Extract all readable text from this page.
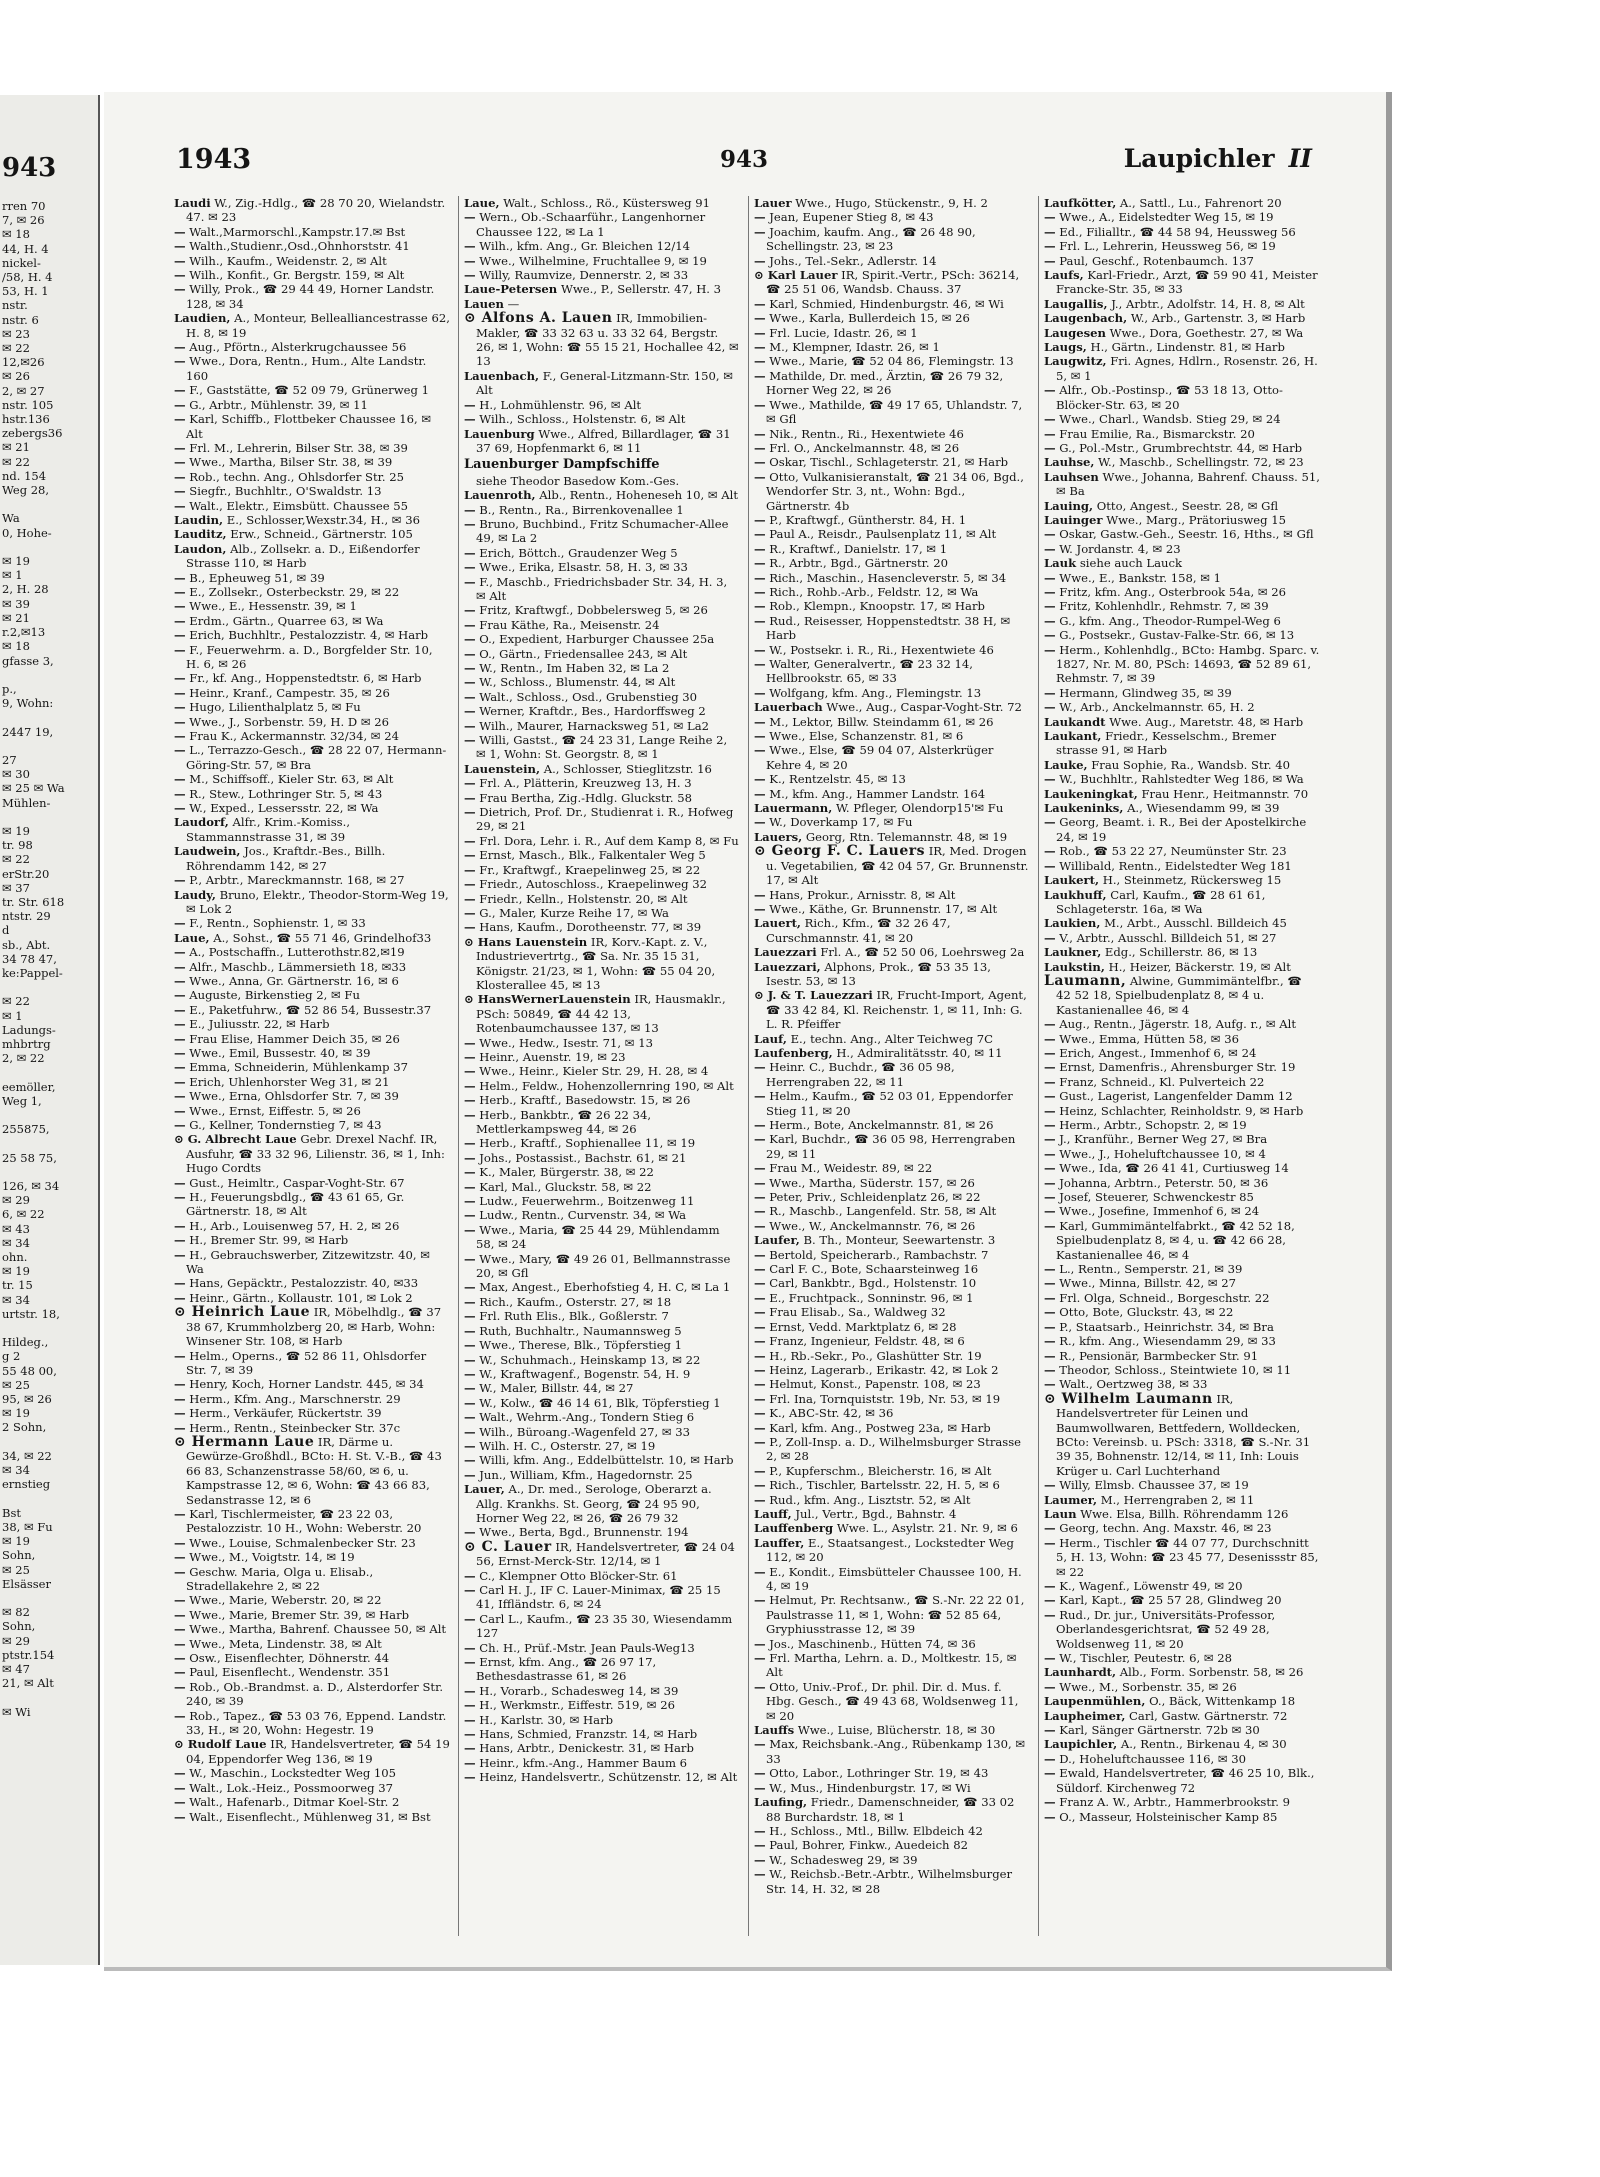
943
rren 70
7, ✉ 26
✉ 18
44, H. 4
nickel-
/58, H. 4
53, H. 1
nstr.
nstr. 6
✉ 23
✉ 22
12,✉26
✉ 26
2, ✉ 27
nstr. 105
hstr.136
zebergs36
✉ 21
✉ 22
nd. 154
Weg 28,

Wa
0, Hohe-

✉ 19
✉ 1
2, H. 28
✉ 39
✉ 21
r.2,✉13
✉ 18
gfasse 3,

p.,
9, Wohn:

2447 19,

27
✉ 30
✉ 25 ✉ Wa
Mühlen-

✉ 19
tr. 98
✉ 22
erStr.20
✉ 37
tr. Str. 618
ntstr. 29
d
sb., Abt.
34 78 47,
ke:Pappel-

✉ 22
✉ 1
Ladungs-
mhbrtrg
2, ✉ 22

eemöller,
Weg 1,

255875,

25 58 75,

126, ✉ 34
✉ 29
6, ✉ 22
✉ 43
✉ 34
ohn.
✉ 19
tr. 15
✉ 34
urtstr. 18,

Hildeg.,
g 2
55 48 00,
✉ 25
95, ✉ 26
✉ 19
2 Sohn,

34, ✉ 22
✉ 34
ernstieg

Bst
38, ✉ Fu
✉ 19
Sohn,
✉ 25
Elsässer

✉ 82
Sohn,
✉ 29
ptstr.154
✉ 47
21, ✉ Alt

✉ Wi
1943	943	Laupichler II

Laudi W., Zig.-Hdlg., ☎ 28 70 20, Wielandstr. 47. ✉ 23

— Walt.,Marmorschl.,Kampstr.17.✉ Bst

— Walth.,Studienr.,Osd.,Ohnhorststr. 41

— Wilh., Kaufm., Weidenstr. 2, ✉ Alt

— Wilh., Konfit., Gr. Bergstr. 159, ✉ Alt

— Willy, Prok., ☎ 29 44 49, Horner Landstr. 128, ✉ 34

Laudien, A., Monteur, Bellealliancestrasse 62, H. 8, ✉ 19

— Aug., Pförtn., Alsterkrugchaussee 56

— Wwe., Dora, Rentn., Hum., Alte Landstr. 160

— F., Gaststätte, ☎ 52 09 79, Grünerweg 1

— G., Arbtr., Mühlenstr. 39, ✉ 11

— Karl, Schiffb., Flottbeker Chaussee 16, ✉ Alt

— Frl. M., Lehrerin, Bilser Str. 38, ✉ 39

— Wwe., Martha, Bilser Str. 38, ✉ 39

— Rob., techn. Ang., Ohlsdorfer Str. 25

— Siegfr., Buchhltr., O'Swaldstr. 13

— Walt., Elektr., Eimsbütt. Chaussee 55

Laudin, E., Schlosser,Wexstr.34, H., ✉ 36

Lauditz, Erw., Schneid., Gärtnerstr. 105

Laudon, Alb., Zollsekr. a. D., Eißendorfer Strasse 110, ✉ Harb

— B., Epheuweg 51, ✉ 39

— E., Zollsekr., Osterbeckstr. 29, ✉ 22

— Wwe., E., Hessenstr. 39, ✉ 1

— Erdm., Gärtn., Quarree 63, ✉ Wa

— Erich, Buchhltr., Pestalozzistr. 4, ✉ Harb

— F., Feuerwehrm. a. D., Borgfelder Str. 10, H. 6, ✉ 26

— Fr., kf. Ang., Hoppenstedtstr. 6, ✉ Harb

— Heinr., Kranf., Campestr. 35, ✉ 26

— Hugo, Lilienthalplatz 5, ✉ Fu

— Wwe., J., Sorbenstr. 59, H. D ✉ 26

— Frau K., Ackermannstr. 32/34, ✉ 24

— L., Terrazzo-Gesch., ☎ 28 22 07, Hermann-Göring-Str. 57, ✉ Bra

— M., Schiffsoff., Kieler Str. 63, ✉ Alt

— R., Stew., Lothringer Str. 5, ✉ 43

— W., Exped., Lessersstr. 22, ✉ Wa

Laudorf, Alfr., Krim.-Komiss., Stammannstrasse 31, ✉ 39

Laudwein, Jos., Kraftdr.-Bes., Billh. Röhrendamm 142, ✉ 27

— P., Arbtr., Mareckmannstr. 168, ✉ 27

Laudy, Bruno, Elektr., Theodor-Storm-Weg 19, ✉ Lok 2

— F., Rentn., Sophienstr. 1, ✉ 33

Laue, A., Sohst., ☎ 55 71 46, Grindelhof33

— A., Postschaffn., Lutterothstr.82,✉19

— Alfr., Maschb., Lämmersieth 18, ✉33

— Wwe., Anna, Gr. Gärtnerstr. 16, ✉ 6

— Auguste, Birkenstieg 2, ✉ Fu

— E., Paketfuhrw., ☎ 52 86 54, Bussestr.37

— E., Juliusstr. 22, ✉ Harb

— Frau Elise, Hammer Deich 35, ✉ 26

— Wwe., Emil, Bussestr. 40, ✉ 39

— Emma, Schneiderin, Mühlenkamp 37

— Erich, Uhlenhorster Weg 31, ✉ 21

— Wwe., Erna, Ohlsdorfer Str. 7, ✉ 39

— Wwe., Ernst, Eiffestr. 5, ✉ 26

— G., Kellner, Tondernstieg 7, ✉ 43

⊙ G. Albrecht Laue Gebr. Drexel Nachf. IR, Ausfuhr, ☎ 33 32 96, Lilienstr. 36, ✉ 1, Inh: Hugo Cordts

— Gust., Heimltr., Caspar-Voght-Str. 67

— H., Feuerungsbdlg., ☎ 43 61 65, Gr. Gärtnerstr. 18, ✉ Alt

— H., Arb., Louisenweg 57, H. 2, ✉ 26

— H., Bremer Str. 99, ✉ Harb

— H., Gebrauchswerber, Zitzewitzstr. 40, ✉ Wa

— Hans, Gepäcktr., Pestalozzistr. 40, ✉33

— Heinr., Gärtn., Kollaustr. 101, ✉ Lok 2

⊙ Heinrich Laue IR, Möbelhdlg., ☎ 37 38 67, Krummholzberg 20, ✉ Harb, Wohn: Winsener Str. 108, ✉ Harb

— Helm., Operns., ☎ 52 86 11, Ohlsdorfer Str. 7, ✉ 39

— Henry, Koch, Horner Landstr. 445, ✉ 34

— Herm., Kfm. Ang., Marschnerstr. 29

— Herm., Verkäufer, Rückertstr. 39

— Herm., Rentn., Steinbecker Str. 37c

⊙ Hermann Laue IR, Därme u. Gewürze-Großhdl., BCto: H. St. V.-B., ☎ 43 66 83, Schanzenstrasse 58/60, ✉ 6, u. Kampstrasse 12, ✉ 6, Wohn: ☎ 43 66 83, Sedanstrasse 12, ✉ 6

— Karl, Tischlermeister, ☎ 23 22 03, Pestalozzistr. 10 H., Wohn: Weberstr. 20

— Wwe., Louise, Schmalenbecker Str. 23

— Wwe., M., Voigtstr. 14, ✉ 19

— Geschw. Maria, Olga u. Elisab., Stradellakehre 2, ✉ 22

— Wwe., Marie, Weberstr. 20, ✉ 22

— Wwe., Marie, Bremer Str. 39, ✉ Harb

— Wwe., Martha, Bahrenf. Chaussee 50, ✉ Alt

— Wwe., Meta, Lindenstr. 38, ✉ Alt

— Osw., Eisenflechter, Döhnerstr. 44

— Paul, Eisenflecht., Wendenstr. 351

— Rob., Ob.-Brandmst. a. D., Alsterdorfer Str. 240, ✉ 39

— Rob., Tapez., ☎ 53 03 76, Eppend. Landstr. 33, H., ✉ 20, Wohn: Hegestr. 19

⊙ Rudolf Laue IR, Handelsvertreter, ☎ 54 19 04, Eppendorfer Weg 136, ✉ 19

— W., Maschin., Lockstedter Weg 105

— Walt., Lok.-Heiz., Possmoorweg 37

— Walt., Hafenarb., Ditmar Koel-Str. 2

— Walt., Eisenflecht., Mühlenweg 31, ✉ Bst

Laue, Walt., Schloss., Rö., Küstersweg 91

— Wern., Ob.-Schaarführ., Langenhorner Chaussee 122, ✉ La 1

— Wilh., kfm. Ang., Gr. Bleichen 12/14

— Wwe., Wilhelmine, Fruchtallee 9, ✉ 19

— Willy, Raumvize, Dennerstr. 2, ✉ 33

Laue-Petersen Wwe., P., Sellerstr. 47, H. 3

Lauen —

⊙ Alfons A. Lauen IR, Immobilien-Makler, ☎ 33 32 63 u. 33 32 64, Bergstr. 26, ✉ 1, Wohn: ☎ 55 15 21, Hochallee 42, ✉ 13

Lauenbach, F., General-Litzmann-Str. 150, ✉ Alt

— H., Lohmühlenstr. 96, ✉ Alt

— Wilh., Schloss., Holstenstr. 6, ✉ Alt

Lauenburg Wwe., Alfred, Billardlager, ☎ 31 37 69, Hopfenmarkt 6, ✉ 11

Lauenburger Dampfschiffe
siehe Theodor Basedow Kom.-Ges.

Lauenroth, Alb., Rentn., Hoheneseh 10, ✉ Alt

— B., Rentn., Ra., Birrenkovenallee 1

— Bruno, Buchbind., Fritz Schumacher-Allee 49, ✉ La 2

— Erich, Böttch., Graudenzer Weg 5

— Wwe., Erika, Elsastr. 58, H. 3, ✉ 33

— F., Maschb., Friedrichsbader Str. 34, H. 3, ✉ Alt

— Fritz, Kraftwgf., Dobbelersweg 5, ✉ 26

— Frau Käthe, Ra., Meisenstr. 24

— O., Expedient, Harburger Chaussee 25a

— O., Gärtn., Friedensallee 243, ✉ Alt

— W., Rentn., Im Haben 32, ✉ La 2

— W., Schloss., Blumenstr. 44, ✉ Alt

— Walt., Schloss., Osd., Grubenstieg 30

— Werner, Kraftdr., Bes., Hardorffsweg 2

— Wilh., Maurer, Harnacksweg 51, ✉ La2

— Willi, Gastst., ☎ 24 23 31, Lange Reihe 2, ✉ 1, Wohn: St. Georgstr. 8, ✉ 1

Lauenstein, A., Schlosser, Stieglitzstr. 16

— Frl. A., Plätterin, Kreuzweg 13, H. 3

— Frau Bertha, Zig.-Hdlg. Gluckstr. 58

— Dietrich, Prof. Dr., Studienrat i. R., Hofweg 29, ✉ 21

— Frl. Dora, Lehr. i. R., Auf dem Kamp 8, ✉ Fu

— Ernst, Masch., Blk., Falkentaler Weg 5

— Fr., Kraftwgf., Kraepelinweg 25, ✉ 22

— Friedr., Autoschloss., Kraepelinweg 32

— Friedr., Kelln., Holstenstr. 20, ✉ Alt

— G., Maler, Kurze Reihe 17, ✉ Wa

— Hans, Kaufm., Dorotheenstr. 77, ✉ 39

⊙ Hans Lauenstein IR, Korv.-Kapt. z. V., Industrievertrtg., ☎ Sa. Nr. 35 15 31, Königstr. 21/23, ✉ 1, Wohn: ☎ 55 04 20, Klosterallee 45, ✉ 13

⊙ HansWernerLauenstein IR, Hausmaklr., PSch: 50849, ☎ 44 42 13, Rotenbaumchaussee 137, ✉ 13

— Wwe., Hedw., Isestr. 71, ✉ 13

— Heinr., Auenstr. 19, ✉ 23

— Wwe., Heinr., Kieler Str. 29, H. 28, ✉ 4

— Helm., Feldw., Hohenzollernring 190, ✉ Alt

— Herb., Kraftf., Basedowstr. 15, ✉ 26

— Herb., Bankbtr., ☎ 26 22 34, Mettlerkampsweg 44, ✉ 26

— Herb., Kraftf., Sophienallee 11, ✉ 19

— Johs., Postassist., Bachstr. 61, ✉ 21

— K., Maler, Bürgerstr. 38, ✉ 22

— Karl, Mal., Gluckstr. 58, ✉ 22

— Ludw., Feuerwehrm., Boitzenweg 11

— Ludw., Rentn., Curvenstr. 34, ✉ Wa

— Wwe., Maria, ☎ 25 44 29, Mühlendamm 58, ✉ 24

— Wwe., Mary, ☎ 49 26 01, Bellmannstrasse 20, ✉ Gfl

— Max, Angest., Eberhofstieg 4, H. C, ✉ La 1

— Rich., Kaufm., Osterstr. 27, ✉ 18

— Frl. Ruth Elis., Blk., Goßlerstr. 7

— Ruth, Buchhaltr., Naumannsweg 5

— Wwe., Therese, Blk., Töpferstieg 1

— W., Schuhmach., Heinskamp 13, ✉ 22

— W., Kraftwagenf., Bogenstr. 54, H. 9

— W., Maler, Billstr. 44, ✉ 27

— W., Kolw., ☎ 46 14 61, Blk, Töpferstieg 1

— Walt., Wehrm.-Ang., Tondern Stieg 6

— Wilh., Büroang.-Wagenfeld 27, ✉ 33

— Wilh. H. C., Osterstr. 27, ✉ 19

— Willi, kfm. Ang., Eddelbüttelstr. 10, ✉ Harb

— Jun., William, Kfm., Hagedornstr. 25

Lauer, A., Dr. med., Serologe, Oberarzt a. Allg. Krankhs. St. Georg, ☎ 24 95 90, Horner Weg 22, ✉ 26, ☎ 26 79 32

— Wwe., Berta, Bgd., Brunnenstr. 194

⊙ C. Lauer IR, Handelsvertreter, ☎ 24 04 56, Ernst-Merck-Str. 12/14, ✉ 1

— C., Klempner Otto Blöcker-Str. 61

— Carl H. J., IF C. Lauer-Minimax, ☎ 25 15 41, Iffländstr. 6, ✉ 24

— Carl L., Kaufm., ☎ 23 35 30, Wiesendamm 127

— Ch. H., Prüf.-Mstr. Jean Pauls-Weg13

— Ernst, kfm. Ang., ☎ 26 97 17, Bethesdastrasse 61, ✉ 26

— H., Vorarb., Schadesweg 14, ✉ 39

— H., Werkmstr., Eiffestr. 519, ✉ 26

— H., Karlstr. 30, ✉ Harb

— Hans, Schmied, Franzstr. 14, ✉ Harb

— Hans, Arbtr., Denickestr. 31, ✉ Harb

— Heinr., kfm.-Ang., Hammer Baum 6

— Heinz, Handelsvertr., Schützenstr. 12, ✉ Alt

Lauer Wwe., Hugo, Stückenstr., 9, H. 2

— Jean, Eupener Stieg 8, ✉ 43

— Joachim, kaufm. Ang., ☎ 26 48 90, Schellingstr. 23, ✉ 23

— Johs., Tel.-Sekr., Adlerstr. 14

⊙ Karl Lauer IR, Spirit.-Vertr., PSch: 36214, ☎ 25 51 06, Wandsb. Chauss. 37

— Karl, Schmied, Hindenburgstr. 46, ✉ Wi

— Wwe., Karla, Bullerdeich 15, ✉ 26

— Frl. Lucie, Idastr. 26, ✉ 1

— M., Klempner, Idastr. 26, ✉ 1

— Wwe., Marie, ☎ 52 04 86, Flemingstr. 13

— Mathilde, Dr. med., Ärztin, ☎ 26 79 32, Horner Weg 22, ✉ 26

— Wwe., Mathilde, ☎ 49 17 65, Uhlandstr. 7, ✉ Gfl

— Nik., Rentn., Ri., Hexentwiete 46

— Frl. O., Anckelmannstr. 48, ✉ 26

— Oskar, Tischl., Schlageterstr. 21, ✉ Harb

— Otto, Vulkanisieranstalt, ☎ 21 34 06, Bgd., Wendorfer Str. 3, nt., Wohn: Bgd., Gärtnerstr. 4b

— P., Kraftwgf., Güntherstr. 84, H. 1

— Paul A., Reisdr., Paulsenplatz 11, ✉ Alt

— R., Kraftwf., Danielstr. 17, ✉ 1

— R., Arbtr., Bgd., Gärtnerstr. 20

— Rich., Maschin., Hasencleverstr. 5, ✉ 34

— Rich., Rohb.-Arb., Feldstr. 12, ✉ Wa

— Rob., Klempn., Knoopstr. 17, ✉ Harb

— Rud., Reisesser, Hoppenstedtstr. 38 H, ✉ Harb

— W., Postsekr. i. R., Ri., Hexentwiete 46

— Walter, Generalvertr., ☎ 23 32 14, Hellbrookstr. 65, ✉ 33

— Wolfgang, kfm. Ang., Flemingstr. 13

Lauerbach Wwe., Aug., Caspar-Voght-Str. 72

— M., Lektor, Billw. Steindamm 61, ✉ 26

— Wwe., Else, Schanzenstr. 81, ✉ 6

— Wwe., Else, ☎ 59 04 07, Alsterkrüger Kehre 4, ✉ 20

— K., Rentzelstr. 45, ✉ 13

— M., kfm. Ang., Hammer Landstr. 164

Lauermann, W. Pfleger, Olendorp15'✉ Fu

— W., Doverkamp 17, ✉ Fu

Lauers, Georg, Rtn. Telemannstr. 48, ✉ 19

⊙ Georg F. C. Lauers IR, Med. Drogen u. Vegetabilien, ☎ 42 04 57, Gr. Brunnenstr. 17, ✉ Alt

— Hans, Prokur., Arnisstr. 8, ✉ Alt

— Wwe., Käthe, Gr. Brunnenstr. 17, ✉ Alt

Lauert, Rich., Kfm., ☎ 32 26 47, Curschmannstr. 41, ✉ 20

Lauezzari Frl. A., ☎ 52 50 06, Loehrsweg 2a

Lauezzari, Alphons, Prok., ☎ 53 35 13, Isestr. 53, ✉ 13

⊙ J. & T. Lauezzari IR, Frucht-Import, Agent, ☎ 33 42 84, Kl. Reichenstr. 1, ✉ 11, Inh: G. L. R. Pfeiffer

Lauf, E., techn. Ang., Alter Teichweg 7C

Laufenberg, H., Admiralitätsstr. 40, ✉ 11

— Heinr. C., Buchdr., ☎ 36 05 98, Herrengraben 22, ✉ 11

— Helm., Kaufm., ☎ 52 03 01, Eppendorfer Stieg 11, ✉ 20

— Herm., Bote, Anckelmannstr. 81, ✉ 26

— Karl, Buchdr., ☎ 36 05 98, Herrengraben 29, ✉ 11

— Frau M., Weidestr. 89, ✉ 22

— Wwe., Martha, Süderstr. 157, ✉ 26

— Peter, Priv., Schleidenplatz 26, ✉ 22

— R., Maschb., Langenfeld. Str. 58, ✉ Alt

— Wwe., W., Anckelmannstr. 76, ✉ 26

Laufer, B. Th., Monteur, Seewartenstr. 3

— Bertold, Speicherarb., Rambachstr. 7

— Carl F. C., Bote, Schaarsteinweg 16

— Carl, Bankbtr., Bgd., Holstenstr. 10

— E., Fruchtpack., Sonninstr. 96, ✉ 1

— Frau Elisab., Sa., Waldweg 32

— Ernst, Vedd. Marktplatz 6, ✉ 28

— Franz, Ingenieur, Feldstr. 48, ✉ 6

— H., Rb.-Sekr., Po., Glashütter Str. 19

— Heinz, Lagerarb., Erikastr. 42, ✉ Lok 2

— Helmut, Konst., Papenstr. 108, ✉ 23

— Frl. Ina, Tornquiststr. 19b, Nr. 53, ✉ 19

— K., ABC-Str. 42, ✉ 36

— Karl, kfm. Ang., Postweg 23a, ✉ Harb

— P., Zoll-Insp. a. D., Wilhelmsburger Strasse 2, ✉ 28

— P., Kupferschm., Bleicherstr. 16, ✉ Alt

— Rich., Tischler, Bartelsstr. 22, H. 5, ✉ 6

— Rud., kfm. Ang., Lisztstr. 52, ✉ Alt

Lauff, Jul., Vertr., Bgd., Bahnstr. 4

Lauffenberg Wwe. L., Asylstr. 21. Nr. 9, ✉ 6

Lauffer, E., Staatsangest., Lockstedter Weg 112, ✉ 20

— E., Kondit., Eimsbütteler Chaussee 100, H. 4, ✉ 19

— Helmut, Pr. Rechtsanw., ☎ S.-Nr. 22 22 01, Paulstrasse 11, ✉ 1, Wohn: ☎ 52 85 64, Gryphiusstrasse 12, ✉ 39

— Jos., Maschinenb., Hütten 74, ✉ 36

— Frl. Martha, Lehrn. a. D., Moltkestr. 15, ✉ Alt

— Otto, Univ.-Prof., Dr. phil. Dir. d. Mus. f. Hbg. Gesch., ☎ 49 43 68, Woldsenweg 11, ✉ 20

Lauffs Wwe., Luise, Blücherstr. 18, ✉ 30

— Max, Reichsbank.-Ang., Rübenkamp 130, ✉ 33

— Otto, Labor., Lothringer Str. 19, ✉ 43

— W., Mus., Hindenburgstr. 17, ✉ Wi

Laufing, Friedr., Damenschneider, ☎ 33 02 88 Burchardstr. 18, ✉ 1

— H., Schloss., Mtl., Billw. Elbdeich 42

— Paul, Bohrer, Finkw., Auedeich 82

— W., Schadesweg 29, ✉ 39

— W., Reichsb.-Betr.-Arbtr., Wilhelmsburger Str. 14, H. 32, ✉ 28

Laufkötter, A., Sattl., Lu., Fahrenort 20

— Wwe., A., Eidelstedter Weg 15, ✉ 19

— Ed., Filialltr., ☎ 44 58 94, Heussweg 56

— Frl. L., Lehrerin, Heussweg 56, ✉ 19

— Paul, Geschf., Rotenbaumch. 137

Laufs, Karl-Friedr., Arzt, ☎ 59 90 41, Meister Francke-Str. 35, ✉ 33

Laugallis, J., Arbtr., Adolfstr. 14, H. 8, ✉ Alt

Laugenbach, W., Arb., Gartenstr. 3, ✉ Harb

Laugesen Wwe., Dora, Goethestr. 27, ✉ Wa

Laugs, H., Gärtn., Lindenstr. 81, ✉ Harb

Laugwitz, Fri. Agnes, Hdlrn., Rosenstr. 26, H. 5, ✉ 1

— Alfr., Ob.-Postinsp., ☎ 53 18 13, Otto-Blöcker-Str. 63, ✉ 20

— Wwe., Charl., Wandsb. Stieg 29, ✉ 24

— Frau Emilie, Ra., Bismarckstr. 20

— G., Pol.-Mstr., Grumbrechtstr. 44, ✉ Harb

Lauhse, W., Maschb., Schellingstr. 72, ✉ 23

Lauhsen Wwe., Johanna, Bahrenf. Chauss. 51, ✉ Ba

Lauing, Otto, Angest., Seestr. 28, ✉ Gfl

Lauinger Wwe., Marg., Prätoriusweg 15

— Oskar, Gastw.-Geh., Seestr. 16, Hths., ✉ Gfl

— W. Jordanstr. 4, ✉ 23

Lauk siehe auch Lauck

— Wwe., E., Bankstr. 158, ✉ 1

— Fritz, kfm. Ang., Osterbrook 54a, ✉ 26

— Fritz, Kohlenhdlr., Rehmstr. 7, ✉ 39

— G., kfm. Ang., Theodor-Rumpel-Weg 6

— G., Postsekr., Gustav-Falke-Str. 66, ✉ 13

— Herm., Kohlenhdlg., BCto: Hambg. Sparc. v. 1827, Nr. M. 80, PSch: 14693, ☎ 52 89 61, Rehmstr. 7, ✉ 39

— Hermann, Glindweg 35, ✉ 39

— W., Arb., Anckelmannstr. 65, H. 2

Laukandt Wwe. Aug., Maretstr. 48, ✉ Harb

Laukant, Friedr., Kesselschm., Bremer strasse 91, ✉ Harb

Lauke, Frau Sophie, Ra., Wandsb. Str. 40

— W., Buchhltr., Rahlstedter Weg 186, ✉ Wa

Laukeningkat, Frau Henr., Heitmannstr. 70

Laukeninks, A., Wiesendamm 99, ✉ 39

— Georg, Beamt. i. R., Bei der Apostelkirche 24, ✉ 19

— Rob., ☎ 53 22 27, Neumünster Str. 23

— Willibald, Rentn., Eidelstedter Weg 181

Laukert, H., Steinmetz, Rückersweg 15

Laukhuff, Carl, Kaufm., ☎ 28 61 61, Schlageterstr. 16a, ✉ Wa

Laukien, M., Arbt., Ausschl. Billdeich 45

— V., Arbtr., Ausschl. Billdeich 51, ✉ 27

Laukner, Edg., Schillerstr. 86, ✉ 13

Laukstin, H., Heizer, Bäckerstr. 19, ✉ Alt

Laumann, Alwine, Gummimäntelfbr., ☎ 42 52 18, Spielbudenplatz 8, ✉ 4 u. Kastanienallee 46, ✉ 4

— Aug., Rentn., Jägerstr. 18, Aufg. r., ✉ Alt

— Wwe., Emma, Hütten 58, ✉ 36

— Erich, Angest., Immenhof 6, ✉ 24

— Ernst, Damenfris., Ahrensburger Str. 19

— Franz, Schneid., Kl. Pulverteich 22

— Gust., Lagerist, Langenfelder Damm 12

— Heinz, Schlachter, Reinholdstr. 9, ✉ Harb

— Herm., Arbtr., Schopstr. 2, ✉ 19

— J., Kranführ., Berner Weg 27, ✉ Bra

— Wwe., J., Hoheluftchaussee 10, ✉ 4

— Wwe., Ida, ☎ 26 41 41, Curtiusweg 14

— Johanna, Arbtrn., Peterstr. 50, ✉ 36

— Josef, Steuerer, Schwenckestr 85

— Wwe., Josefine, Immenhof 6, ✉ 24

— Karl, Gummimäntelfabrkt., ☎ 42 52 18, Spielbudenplatz 8, ✉ 4, u. ☎ 42 66 28, Kastanienallee 46, ✉ 4

— L., Rentn., Semperstr. 21, ✉ 39

— Wwe., Minna, Billstr. 42, ✉ 27

— Frl. Olga, Schneid., Borgeschstr. 22

— Otto, Bote, Gluckstr. 43, ✉ 22

— P., Staatsarb., Heinrichstr. 34, ✉ Bra

— R., kfm. Ang., Wiesendamm 29, ✉ 33

— R., Pensionär, Barmbecker Str. 91

— Theodor, Schloss., Steintwiete 10, ✉ 11

— Walt., Oertzweg 38, ✉ 33

⊙ Wilhelm Laumann IR, Handelsvertreter für Leinen und Baumwollwaren, Bettfedern, Wolldecken, BCto: Vereinsb. u. PSch: 3318, ☎ S.-Nr. 31 39 35, Bohnenstr. 12/14, ✉ 11, Inh: Louis Krüger u. Carl Luchterhand

— Willy, Elmsb. Chaussee 37, ✉ 19

Laumer, M., Herrengraben 2, ✉ 11

Laun Wwe. Elsa, Billh. Röhrendamm 126

— Georg, techn. Ang. Maxstr. 46, ✉ 23

— Herm., Tischler ☎ 44 07 77, Durchschnitt 5, H. 13, Wohn: ☎ 23 45 77, Desenissstr 85, ✉ 22

— K., Wagenf., Löwenstr 49, ✉ 20

— Karl, Kapt., ☎ 25 57 28, Glindweg 20

— Rud., Dr. jur., Universitäts-Professor, Oberlandesgerichtsrat, ☎ 52 49 28, Woldsenweg 11, ✉ 20

— W., Tischler, Peutestr. 6, ✉ 28

Launhardt, Alb., Form. Sorbenstr. 58, ✉ 26

— Wwe., M., Sorbenstr. 35, ✉ 26

Laupenmühlen, O., Bäck, Wittenkamp 18

Laupheimer, Carl, Gastw. Gärtnerstr. 72

— Karl, Sänger Gärtnerstr. 72b ✉ 30

Laupichler, A., Rentn., Birkenau 4, ✉ 30

— D., Hoheluftchaussee 116, ✉ 30

— Ewald, Handelsvertreter, ☎ 46 25 10, Blk., Süldorf. Kirchenweg 72

— Franz A. W., Arbtr., Hammerbrookstr. 9

— O., Masseur, Holsteinischer Kamp 85
